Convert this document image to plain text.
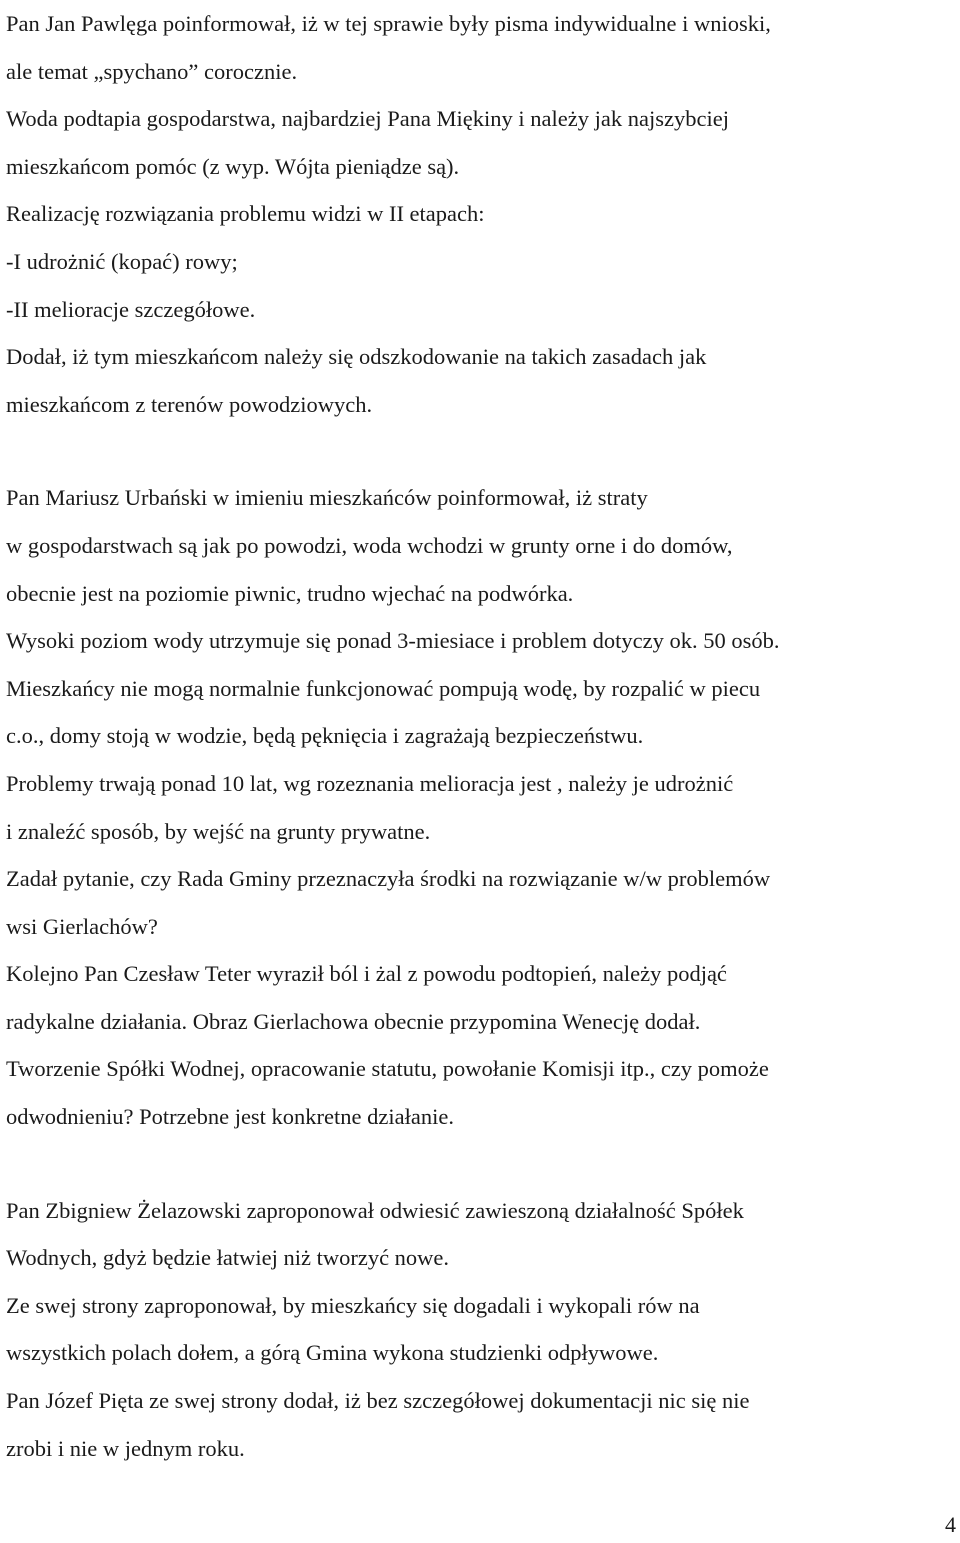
Pan Jan Pawlęga poinformował, iż w tej sprawie były pisma indywidualne i wnioski,
ale temat „spychano” corocznie.
Woda podtapia gospodarstwa, najbardziej Pana Miękiny i należy jak najszybciej
mieszkańcom pomóc (z wyp. Wójta pieniądze są).
Realizację rozwiązania problemu widzi w II etapach:
-I udrożnić (kopać) rowy;
-II melioracje szczegółowe.
Dodał, iż tym mieszkańcom należy się odszkodowanie na takich zasadach jak
mieszkańcom z terenów powodziowych.
Pan Mariusz Urbański w imieniu mieszkańców poinformował, iż straty
w gospodarstwach są jak po powodzi, woda wchodzi w grunty orne i do domów,
obecnie jest na poziomie piwnic, trudno wjechać na podwórka.
Wysoki poziom wody utrzymuje się ponad 3-miesiace i problem dotyczy ok. 50 osób.
Mieszkańcy nie mogą normalnie funkcjonować pompują wodę, by rozpalić w piecu
c.o., domy stoją w wodzie, będą pęknięcia i zagrażają bezpieczeństwu.
Problemy trwają ponad 10 lat, wg rozeznania melioracja jest , należy je udrożnić
i znaleźć sposób, by wejść na grunty prywatne.
Zadał pytanie, czy Rada Gminy przeznaczyła środki na rozwiązanie w/w problemów
wsi Gierlachów?
Kolejno Pan Czesław Teter wyraził ból i żal z powodu podtopień, należy podjąć
radykalne działania. Obraz Gierlachowa obecnie przypomina Wenecję dodał.
Tworzenie Spółki Wodnej, opracowanie statutu, powołanie Komisji itp., czy pomoże
odwodnieniu? Potrzebne jest konkretne działanie.
Pan Zbigniew Żelazowski zaproponował odwiesić zawieszoną działalność Spółek
Wodnych, gdyż będzie łatwiej niż tworzyć nowe.
Ze swej strony zaproponował, by mieszkańcy się dogadali i wykopali rów na
wszystkich polach dołem, a górą Gmina wykona studzienki odpływowe.
Pan Józef Pięta ze swej strony dodał, iż bez szczegółowej dokumentacji nic się nie
zrobi i nie w jednym roku.
4
